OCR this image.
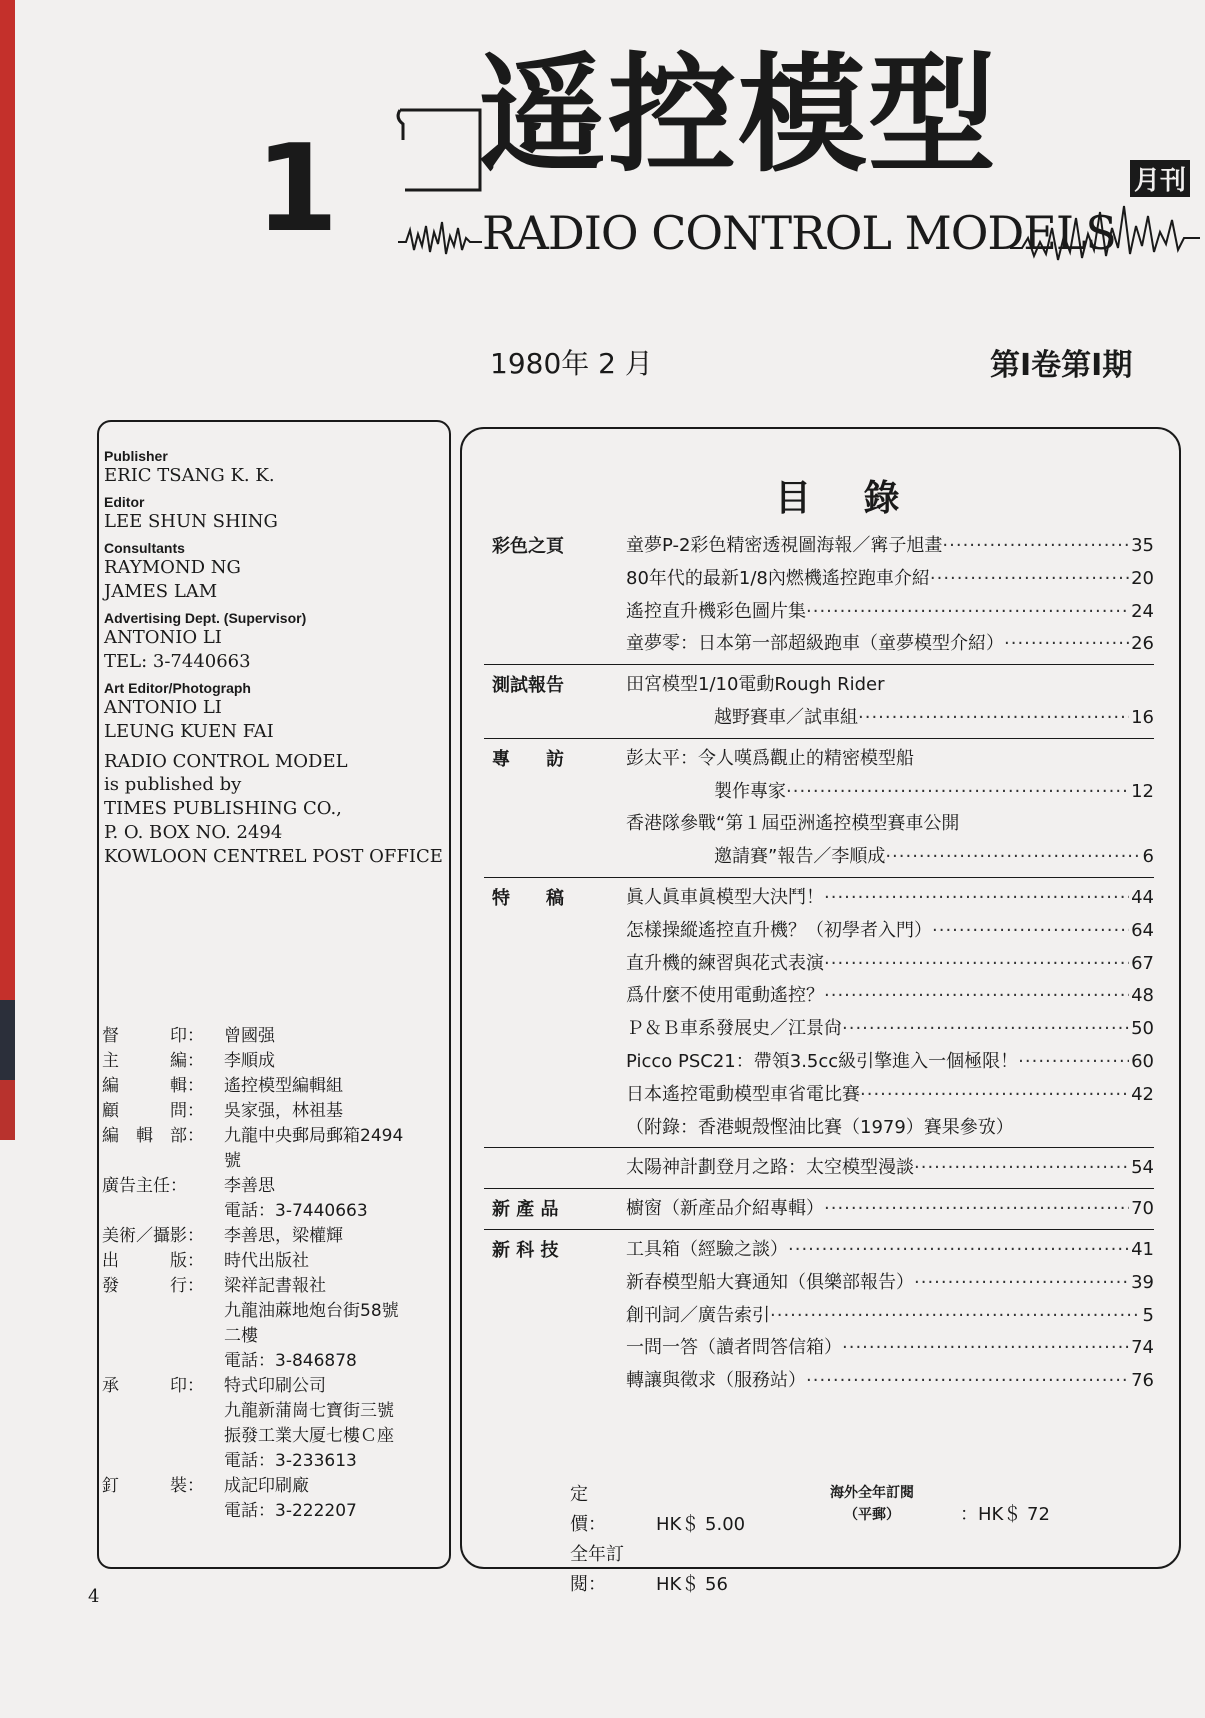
1 遥控模型	月刊
RADIO CONTROL MODELS
1980年 2 月	第Ⅰ卷第Ⅰ期
Publisher
ERIC TSANG K. K.
Editor
LEE SHUN SHING
Consultants
RAYMOND NG
JAMES LAM
Advertising Dept. (Supervisor)
ANTONIO LI
TEL: 3-7440663
Art Editor/Photograph
ANTONIO LI
LEUNG KUEN FAI
RADIO CONTROL MODEL
is published by
TIMES PUBLISHING CO.,
P. O. BOX NO. 2494
KOWLOON CENTREL POST OFFICE
督　　　印：	曾國强
主　　　編：	李順成
編　　　輯：	遙控模型編輯組
顧　　　問：	吳家强，林祖基
編　輯　部：	九龍中央郵局郵箱2494
號
廣告主任：	李善思
電話：3-7440663
美術／攝影：	李善思，梁權輝
出　　　版：	時代出版社
發　　　行：	梁祥記書報社
九龍油蔴地炮台街58號
二樓
電話：3-846878
承　　　印：	特式印刷公司
九龍新蒲崗七寶街三號
振發工業大厦七樓Ｃ座
電話：3-233613
釘　　　裝：	成記印刷廠
電話：3-222207
目 錄
彩色之頁	童夢P-2彩色精密透視圖海報／寗子旭畫 ·····	35
80年代的最新1/8內燃機遙控跑車介紹 ·····	20
遙控直升機彩色圖片集 ·····	24
童夢零：日本第一部超級跑車（童夢模型介紹） ·····	26
測試報告	田宮模型1/10電動Rough Rider
越野賽車／試車組 ·····	16
專　　訪	彭太平：令人嘆爲觀止的精密模型船
製作專家 ·····	12
香港隊參戰“第１屆亞洲遙控模型賽車公開
邀請賽”報告／李順成 ·····	6
特　　稿	眞人眞車眞模型大決鬥！ ·····	44
怎樣操縱遙控直升機？（初學者入門） ·····	64
直升機的練習與花式表演 ·····	67
爲什麼不使用電動遙控？ ·····	48
Ｐ＆Ｂ車系發展史／江景尙 ·····	50
Picco PSC21：帶領3.5cc級引擎進入一個極限！ ·····	60
日本遙控電動模型車省電比賽 ·····	42
（附錄：香港蜆殼慳油比賽（1979）賽果參攷）
太陽神計劃登月之路：太空模型漫談 ·····	54
新 產 品	櫥窗（新產品介紹專輯） ·····	70
新 科 技	工具箱（經驗之談） ·····	41
新春模型船大賽通知（俱樂部報告） ·····	39
創刊詞／廣告索引 ·····	5
一問一答（讀者問答信箱） ·····	74
轉讓與徵求（服務站） ·····	76
定　　價：	HK＄ 5.00
全年訂閱：	HK＄ 56
海外全年訂閱
（平郵）	：HK＄ 72
4
